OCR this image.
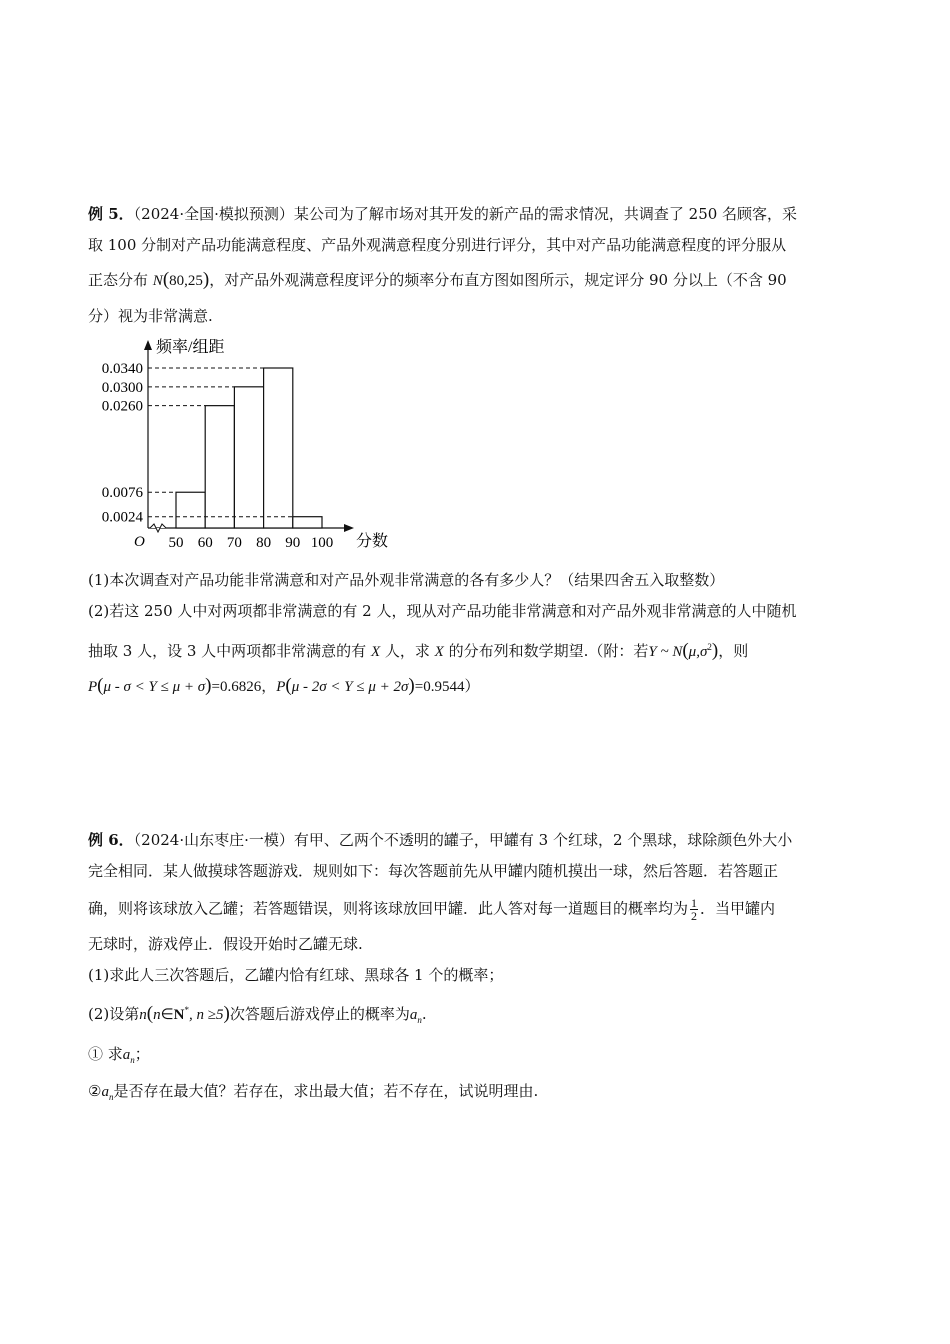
例 5．（2024·全国·模拟预测）某公司为了解市场对其开发的新产品的需求情况，共调查了 250 名顾客，采
取 100 分制对产品功能满意程度、产品外观满意程度分别进行评分，其中对产品功能满意程度的评分服从
正态分布 N(80,25)，对产品外观满意程度评分的频率分布直方图如图所示，规定评分 90 分以上（不含 90
分）视为非常满意.
频率/组距
分数
O
0.0340
0.0300
0.0260
0.0076
0.0024
50 60 70 80 90 100
(1)本次调查对产品功能非常满意和对产品外观非常满意的各有多少人？（结果四舍五入取整数）
(2)若这 250 人中对两项都非常满意的有 2 人，现从对产品功能非常满意和对产品外观非常满意的人中随机
抽取 3 人，设 3 人中两项都非常满意的有 X 人，求 X 的分布列和数学期望.（附：若Y ~ $N(\mu,\sigma^2)$，则
P(μ - σ < Y ≤ μ + σ)=0.6826，P(μ - 2σ < Y ≤ μ + 2σ)=0.9544）
例 6．（2024·山东枣庄·一模）有甲、乙两个不透明的罐子，甲罐有 3 个红球，2 个黑球，球除颜色外大小
完全相同．某人做摸球答题游戏．规则如下：每次答题前先从甲罐内随机摸出一球，然后答题．若答题正
确，则将该球放入乙罐；若答题错误，则将该球放回甲罐．此人答对每一道题目的概率均为 $\frac{1}{2}$ ．当甲罐内
无球时，游戏停止．假设开始时乙罐无球.
(1)求此人三次答题后，乙罐内恰有红球、黑球各 1 个的概率；
(2)设第n(n∈N*, n ≥5)次答题后游戏停止的概率为$a_n$.
① 求$a_n$；
$②a_n$是否存在最大值？若存在，求出最大值；若不存在，试说明理由.
